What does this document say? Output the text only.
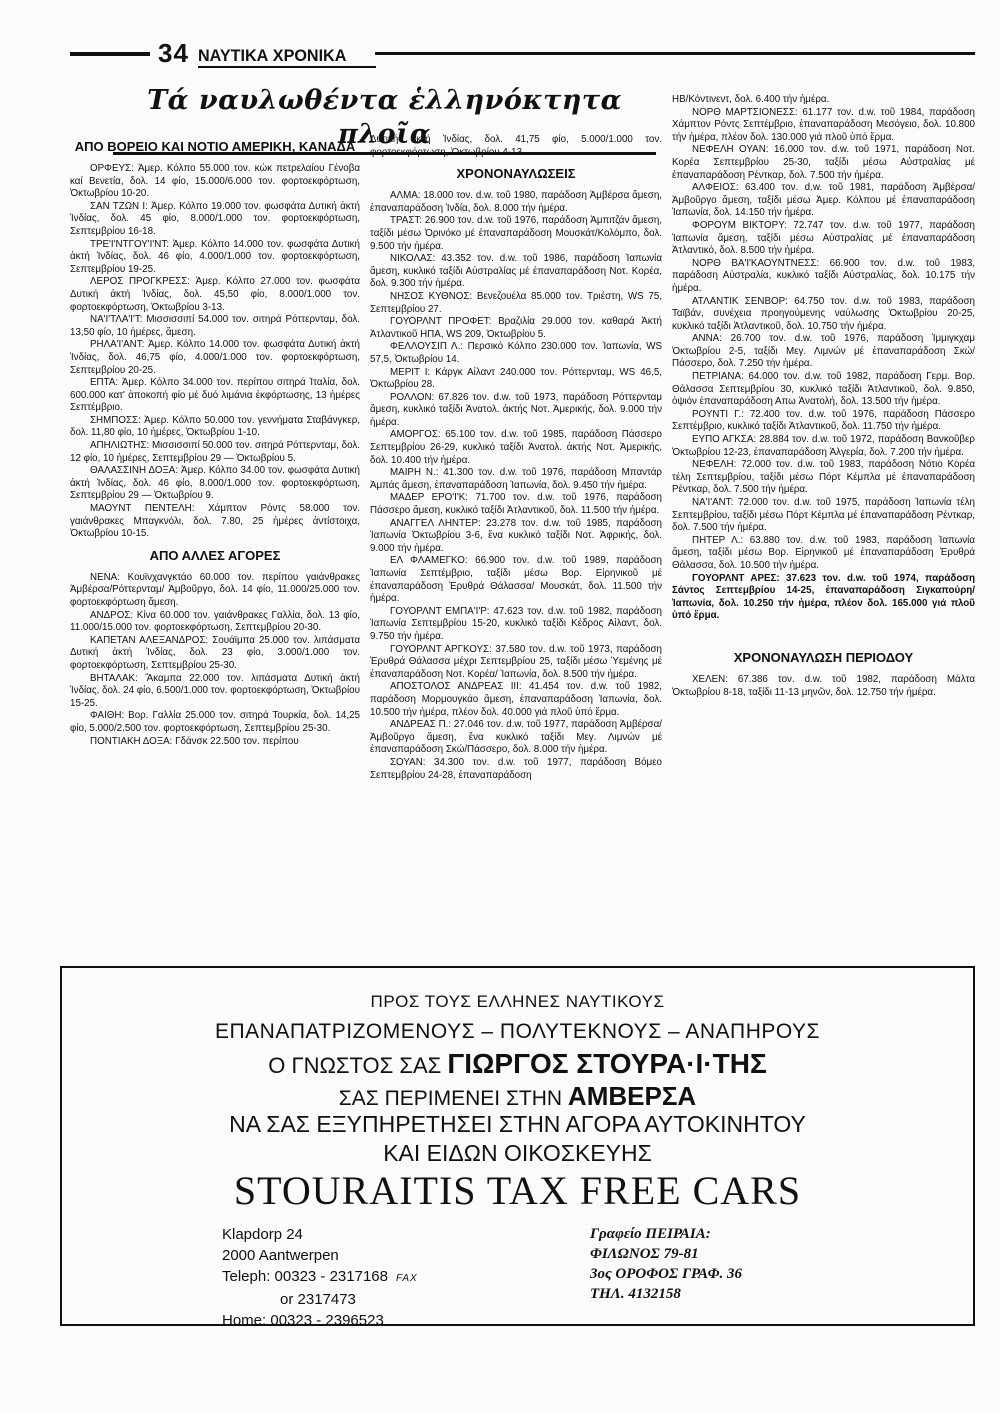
34 ΝΑΥΤΙΚΑ ΧΡΟΝΙΚΑ
Τά ναυλωθέντα ἑλληνόκτητα πλοῖα
ΑΠΟ ΒΟΡΕΙΟ ΚΑΙ ΝΟΤΙΟ ΑΜΕΡΙΚΗ, ΚΑΝΑΔΑ

ΟΡΦΕΥΣ: Ἀμερ. Κόλπο 55.000 τον. κώκ πετρελαίου Γένοβα καί Βενετία, δολ. 14 φίο, 15.000/6.000 τον. φορτοεκφόρτωση, Ὀκτωβρίου 10-20.

ΣΑΝ ΤΖΩΝ Ι: Ἀμερ. Κόλπο 19.000 τον. φωσφάτα Δυτική ἀκτή Ἰνδίας, δολ. 45 φίο, 8.000/1.000 τον. φορτοεκφόρτωση, Σεπτεμβρίου 16-18.

ΤΡΕ'Ι'ΝΤΓΟΥ'Ι'ΝΤ: Ἀμερ. Κόλπο 14.000 τον. φωσφάτα Δυτική ἀκτή Ἰνδίας, δολ. 46 φίο, 4.000/1.000 τον. φορτοεκφόρτωση, Σεπτεμβρίου 19-25.

ΛΕΡΟΣ ΠΡΟΓΚΡΕΣΣ: Ἀμερ. Κόλπο 27.000 τον. φωσφάτα Δυτική ἀκτή Ἰνδίας, δολ. 45,50 φίο, 8.000/1.000 τον. φορτοεκφόρτωση, Ὀκτωβρίου 3-13.

ΝΑ'Ι'ΤΛΑ'Ι'Τ: Μισσισσιπί 54.000 τον. σιτηρά Ρόττερνταμ, δολ. 13,50 φίο, 10 ἡμέρες, ἄμεση.

ΡΗΛΑ'Ι'ΑΝΤ: Ἀμερ. Κόλπο 14.000 τον. φωσφάτα Δυτική ἀκτή Ἰνδίας, δολ. 46,75 φίο, 4.000/1.000 τον. φορτοεκφόρτωση, Σεπτεμβρίου 20-25.

ΕΠΤΑ: Ἀμερ. Κόλπο 34.000 τον. περίπου σιτηρά Ἰταλία, δολ. 600.000 κατ' ἀποκοπή φίο μέ δυό λιμάνια ἐκφόρτωσης, 13 ἡμέρες Σεπτέμβριο.

ΣΗΜΠΟΣΣ: Ἀμερ. Κόλπο 50.000 τον. γεννήματα Σταβάνγκερ, δολ. 11,80 φίο, 10 ἡμέρες, Ὀκτωβρίου 1-10.

ΑΠΗΛΙΩΤΗΣ: Μισσισσιπί 50.000 τον. σιτηρά Ρόττερνταμ, δολ. 12 φίο, 10 ἡμέρες, Σεπτεμβρίου 29 — Ὀκτωβρίου 5.

ΘΑΛΑΣΣΙΝΗ ΔΟΞΑ: Ἀμερ. Κόλπο 34.00 τον. φωσφάτα Δυτική ἀκτή Ἰνδίας, δολ. 46 φίο, 8.000/1.000 τον. φορτοεκφόρτωση, Σεπτεμβρίου 29 — Ὀκτωβρίου 9.

ΜΑΟΥΝΤ ΠΕΝΤΕΛΗ: Χάμπτον Ρόντς 58.000 τον. γαιάνθρακες Μπαγκνόλι, δολ. 7.80, 25 ἡμέρες ἀντίστοιχα, Ὀκτωβρίου 10-15.

ΑΠΟ ΑΛΛΕΣ ΑΓΟΡΕΣ

ΝΕΝΑ: Κουϊνχανγκτάο 60.000 τον. περίπου γαιάνθρακες Ἀμβέρσα/Ρόττερνταμ/ Ἀμβοῦργο, δολ. 14 φίο, 11.000/25.000 τον. φορτοεκφόρτωση ἄμεση.

ΑΝΔΡΟΣ: Κίνα 60.000 τον. γαιάνθρακες Γαλλία, δολ. 13 φίο, 11.000/15.000 τον. φορτοεκφόρτωση, Σεπτεμβρίου 20-30.

ΚΑΠΕΤΑΝ ΑΛΕΞΑΝΔΡΟΣ: Σουάϊμπα 25.000 τον. λιπάσματα Δυτική ἀκτή Ἰνδίας, δολ. 23 φίο, 3.000/1.000 τον. φορτοεκφόρτωση, Σεπτεμβρίου 25-30.

ΒΗΤΑΛΑΚ: Ἄκαμπα 22.000 τον. λιπάσματα Δυτική ἀκτή Ἰνδίας, δολ. 24 φίο, 6.500/1.000 τον. φορτοεκφόρτωση, Ὀκτωβρίου 15-25.

ΦΑΙΘΗ: Βορ. Γαλλία 25.000 τον. σιτηρά Τουρκία, δολ. 14,25 φίο, 5.000/2.500 τον. φορτοεκφόρτωση, Σεπτεμβρίου 25-30.

ΠΟΝΤΙΑΚΗ ΔΟΞΑ: Γδάνσκ 22.500 τον. περίπου

Δυτική ἀκτή Ἰνδίας, δολ. 41,75 φίο, 5.000/1.000 τον. φορτοεκφόρτωση, Ὀκτωβρίου 4-13.

ΧΡΟΝΟΝΑΥΛΩΣΕΙΣ

ΑΛΜΑ: 18.000 τον. d.w. τοῦ 1980, παράδοση Ἀμβέρσα ἄμεση, ἐπαναπαράδοση Ἰνδία, δολ. 8.000 τήν ἡμέρα.

ΤΡΑΣΤ: 26.900 τον. d.w. τοῦ 1976, παράδοση Ἀμπιτζάν ἄμεση, ταξίδι μέσω Ὀρινόκο μέ ἐπαναπαράδοση Μουσκάτ/Κολόμπο, δολ. 9.500 τήν ἡμέρα.

ΝΙΚΟΛΑΣ: 43.352 τον. d.w. τοῦ 1986, παράδοση Ἰαπωνία ἄμεση, κυκλικό ταξίδι Αὐστραλίας μέ ἐπαναπαράδοση Νοτ. Κορέα, δολ. 9.300 τήν ἡμέρα.

ΝΗΣΟΣ ΚΥΘΝΟΣ: Βενεζουέλα 85.000 τον. Τριέστη, WS 75, Σεπτεμβρίου 27.

ΓΟΥΟΡΛΝΤ ΠΡΟΦΕΤ: Βραζιλία 29.000 τον. καθαρά Ἀκτή Ἀτλαντικοῦ ΗΠΑ, WS 209, Ὀκτωβρίου 5.

ΦΕΛΛΟΥΣΙΠ Λ.: Περσικό Κόλπο 230.000 τον. Ἰαπωνία, WS 57,5, Ὀκτωβρίου 14.

ΜΕΡΙΤ Ι: Κάργκ Αἰλαντ 240.000 τον. Ρόττερνταμ, WS 46,5, Ὀκτωβρίου 28.

ΡΟΛΛΟΝ: 67.826 τον. d.w. τοῦ 1973, παράδοση Ρόττερνταμ ἄμεση, κυκλικό ταξίδι Ἀνατολ. ἀκτής Νοτ. Ἀμερικής, δολ. 9.000 τήν ἡμέρα.

ΑΜΟΡΓΟΣ: 65.100 τον. d.w. τοῦ 1985, παράδοση Πάσσερο Σεπτεμβρίου 26-29, κυκλικό ταξίδι Ἀνατολ. ἀκτής Νοτ. Ἀμερικής, δολ. 10.400 τήν ἡμέρα.

ΜΑΙΡΗ Ν.: 41.300 τον. d.w. τοῦ 1976, παράδοση Μπαντάρ Ἀμπάς ἄμεση, ἐπαναπαράδοση Ἰαπωνία, δολ. 9.450 τήν ἡμέρα.

ΜΑΔΕΡ ΕΡΟ'Ι'Κ: 71.700 τον. d.w. τοῦ 1976, παράδοση Πάσσερο ἄμεση, κυκλικό ταξίδι Ἀτλαντικοῦ, δολ. 11.500 τήν ἡμέρα.

ΑΝΑΓΓΕΛ ΛΗΝΤΕΡ: 23.278 τον. d.w. τοῦ 1985, παράδοση Ἰαπωνία Ὀκτωβρίου 3-6, ἕνα κυκλικό ταξίδι Νοτ. Ἀφρικής, δολ. 9.000 τήν ἡμέρα.

ΕΛ ΦΛΑΜΕΓΚΟ: 66.900 τον. d.w. τοῦ 1989, παράδοση Ἰαπωνία Σεπτέμβριο, ταξίδι μέσω Βορ. Εἰρηνικοῦ μέ ἐπαναπαράδοση Ἐρυθρά Θάλασσα/ Μουσκάτ, δολ. 11.500 τήν ἡμέρα.

ΓΟΥΟΡΛΝΤ ΕΜΠΑ'Ι'Ρ: 47.623 τον. d.w. τοῦ 1982, παράδοση Ἰαπωνία Σεπτεμβρίου 15-20, κυκλικό ταξίδι Κέδρος Αἰλαντ, δολ. 9.750 τήν ἡμέρα.

ΓΟΥΟΡΛΝΤ ΑΡΓΚΟΥΣ: 37.580 τον. d.w. τοῦ 1973, παράδοση Ἐρυθρά Θάλασσα μέχρι Σεπτεμβρίου 25, ταξίδι μέσω Ὑεμένης μέ ἐπαναπαράδοση Νοτ. Κορέα/ Ἰαπωνία, δολ. 8.500 τήν ἡμέρα.

ΑΠΟΣΤΟΛΟΣ ΑΝΔΡΕΑΣ ΙΙΙ: 41.454 τον. d.w. τοῦ 1982, παράδοση Μορμουγκάο ἄμεση, ἐπαναπαράδοση Ἰαπωνία, δολ. 10.500 τήν ἡμέρα, πλέον δολ. 40.000 γιά πλοῦ ὑπό ἕρμα.

ΑΝΔΡΕΑΣ Π.: 27.046 τον. d.w. τοῦ 1977, παράδοση Ἀμβέρσα/ Ἀμβοῦργο ἄμεση, ἕνα κυκλικό ταξίδι Μεγ. Λιμνών μέ ἐπαναπαράδοση Σκώ/Πάσσερο, δολ. 8.000 τήν ἡμέρα.

ΣΟΥΑΝ: 34.300 τον. d.w. τοῦ 1977, παράδοση Βόμεο Σεπτεμβρίου 24-28, ἐπαναπαράδοση

ΗΒ/Κόντινεντ, δολ. 6.400 τήν ἡμέρα.

ΝΟΡΘ ΜΑΡΤΣΙΟΝΕΣΣ: 61.177 τον. d.w. τοῦ 1984, παράδοση Χάμπτον Ρόντς Σεπτέμβριο, ἐπαναπαράδοση Μεσόγειο, δολ. 10.800 τήν ἡμέρα, πλέον δολ. 130.000 γιά πλοῦ ὑπό ἕρμα.

ΝΕΦΕΛΗ ΟΥΑΝ: 16.000 τον. d.w. τοῦ 1971, παράδοση Νοτ. Κορέα Σεπτεμβρίου 25-30, ταξίδι μέσω Αὐστραλίας μέ ἐπαναπαράδοση Ρέντκαρ, δολ. 7.500 τήν ἡμέρα.

ΑΛΦΕΙΟΣ: 63.400 τον. d.w. τοῦ 1981, παράδοση Ἀμβέρσα/ Ἀμβοῦργο ἄμεση, ταξίδι μέσω Ἀμερ. Κόλπου μέ ἐπαναπαράδοση Ἰαπωνία, δολ. 14.150 τήν ἡμέρα.

ΦΟΡΟΥΜ ΒΙΚΤΟΡΥ: 72.747 τον. d.w. τοῦ 1977, παράδοση Ἰαπωνία ἄμεση, ταξίδι μέσω Αὐστραλίας μέ ἐπαναπαράδοση Ἀτλαντικό, δολ. 8.500 τήν ἡμέρα.

ΝΟΡΘ ΒΑ'Ι'ΚΑΟΥΝΤΝΕΣΣ: 66.900 τον. d.w. τοῦ 1983, παράδοση Αὐστραλία, κυκλικό ταξίδι Αὐστραλίας, δολ. 10.175 τήν ἡμέρα.

ΑΤΛΑΝΤΙΚ ΣΕΝΒΟΡ: 64.750 τον. d.w. τοῦ 1983, παράδοση Ταϊβάν, συνέχεια προηγούμενης ναύλωσης Ὀκτωβρίου 20-25, κυκλικό ταξίδι Ἀτλαντικοῦ, δολ. 10.750 τήν ἡμέρα.

ΑΝΝΑ: 26.700 τον. d.w. τοῦ 1976, παράδοση Ἰμμιγκχαμ Ὀκτωβρίου 2-5, ταξίδι Μεγ. Λιμνών μέ ἐπαναπαράδοση Σκώ/Πάσσερο, δολ. 7.250 τήν ἡμέρα.

ΠΕΤΡΙΑΝΑ: 64.000 τον. d.w. τοῦ 1982, παράδοση Γερμ. Βορ. Θάλασσα Σεπτεμβρίου 30, κυκλικό ταξίδι Ἀτλαντικοῦ, δολ. 9.850, ὀψιόν ἐπαναπαράδοση Απω Ἀνατολή, δολ. 13.500 τήν ἡμέρα.

ΡΟΥΝΤΙ Γ.: 72.400 τον. d.w. τοῦ 1976, παράδοση Πάσσερο Σεπτέμβριο, κυκλικό ταξίδι Ἀτλαντικοῦ, δολ. 11.750 τήν ἡμέρα.

ΕΥΠΟ ΑΓΚΣΑ: 28.884 τον. d.w. τοῦ 1972, παράδοση Βανκοῦβερ Ὀκτωβρίου 12-23, ἐπαναπαράδοση Ἀλγερία, δολ. 7.200 τήν ἡμέρα.

ΝΕΦΕΛΗ: 72.000 τον. d.w. τοῦ 1983, παράδοση Νότιο Κορέα τέλη Σεπτεμβρίου, ταξίδι μέσω Πόρτ Κέμπλα μέ ἐπαναπαράδοση Ρέντκαρ, δολ. 7.500 τήν ἡμέρα.

ΝΑ'Ι'ΑΝΤ: 72.000 τον. d.w. τοῦ 1975, παράδοση Ἰαπωνία τέλη Σεπτεμβρίου, ταξίδι μέσω Πόρτ Κέμπλα μέ ἐπαναπαράδοση Ρέντκαρ, δολ. 7.500 τήν ἡμέρα.

ΠΗΤΕΡ Λ.: 63.880 τον. d.w. τοῦ 1983, παράδοση Ἰαπωνία ἄμεση, ταξίδι μέσω Βορ. Εἰρηνικοῦ μέ ἐπαναπαράδοση Ἐρυθρά Θάλασσα, δολ. 10.500 τήν ἡμέρα.

ΓΟΥΟΡΛΝΤ ΑΡΕΣ: 37.623 τον. d.w. τοῦ 1974, παράδοση Σάντος Σεπτεμβρίου 14-25, ἐπαναπαράδοση Σιγκαπούρη/Ἰαπωνία, δολ. 10.250 τήν ἡμέρα, πλέον δολ. 165.000 γιά πλοῦ ὑπό ἕρμα.

ΧΡΟΝΟΝΑΥΛΩΣΗ ΠΕΡΙΟΔΟΥ

ΧΕΛΕΝ: 67.386 τον. d.w. τοῦ 1982, παράδοση Μάλτα Ὀκτωβρίου 8-18, ταξίδι 11-13 μηνῶν, δολ. 12.750 τήν ἡμέρα.

ΠΡΟΣ ΤΟΥΣ ΕΛΛΗΝΕΣ ΝΑΥΤΙΚΟΥΣ
ΕΠΑΝΑΠΑΤΡΙΖΟΜΕΝΟΥΣ – ΠΟΛΥΤΕΚΝΟΥΣ – ΑΝΑΠΗΡΟΥΣ
Ο ΓΝΩΣΤΟΣ ΣΑΣ ΓΙΩΡΓΟΣ ΣΤΟΥΡΑ·Ι·ΤΗΣ
ΣΑΣ ΠΕΡΙΜΕΝΕΙ ΣΤΗΝ ΑΜΒΕΡΣΑ
ΝΑ ΣΑΣ ΕΞΥΠΗΡΕΤΗΣΕΙ ΣΤΗΝ ΑΓΟΡΑ ΑΥΤΟΚΙΝΗΤΟΥ
ΚΑΙ ΕΙΔΩΝ ΟΙΚΟΣΚΕΥΗΣ
STOURAITIS TAX FREE CARS
Klapdorp 24
2000 Aantwerpen
Teleph: 00323 - 2317168 FAX
or 2317473
Home: 00323 - 2396523
Γραφείο ΠΕΙΡΑΙΑ:
ΦΙΛΩΝΟΣ 79-81
3ος ΟΡΟΦΟΣ ΓΡΑΦ. 36
ΤΗΛ. 4132158
